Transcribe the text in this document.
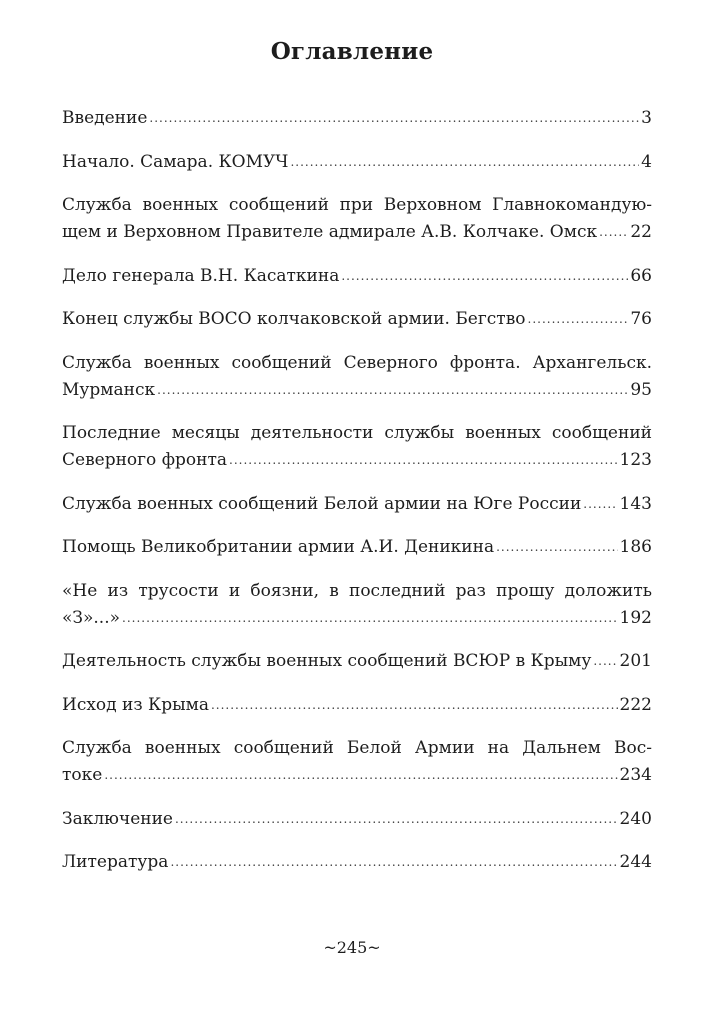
Оглавление
Введение .....	3
Начало. Самара. КОМУЧ .....	4
Служба военных сообщений при Верховном Главнокомандую-
щем и Верховном Правителе адмирале А.В. Колчаке. Омск ..... 22
Дело генерала В.Н. Касаткина .....	66
Конец службы ВОСО колчаковской армии. Бегство .....	76
Служба военных сообщений Северного фронта. Архангельск.
Мурманск .....	95
Последние месяцы деятельности службы военных сообщений
Северного фронта .....	123
Служба военных сообщений Белой армии на Юге России ..... 143
Помощь Великобритании армии А.И. Деникина .....	186
«Не из трусости и боязни, в последний раз прошу доложить
«З»...» .....	192
Деятельность службы военных сообщений ВСЮР в Крыму ..... 201
Исход из Крыма .....	222
Служба военных сообщений Белой Армии на Дальнем Вос-
токе .....	234
Заключение .....	240
Литература .....	244
~245~
